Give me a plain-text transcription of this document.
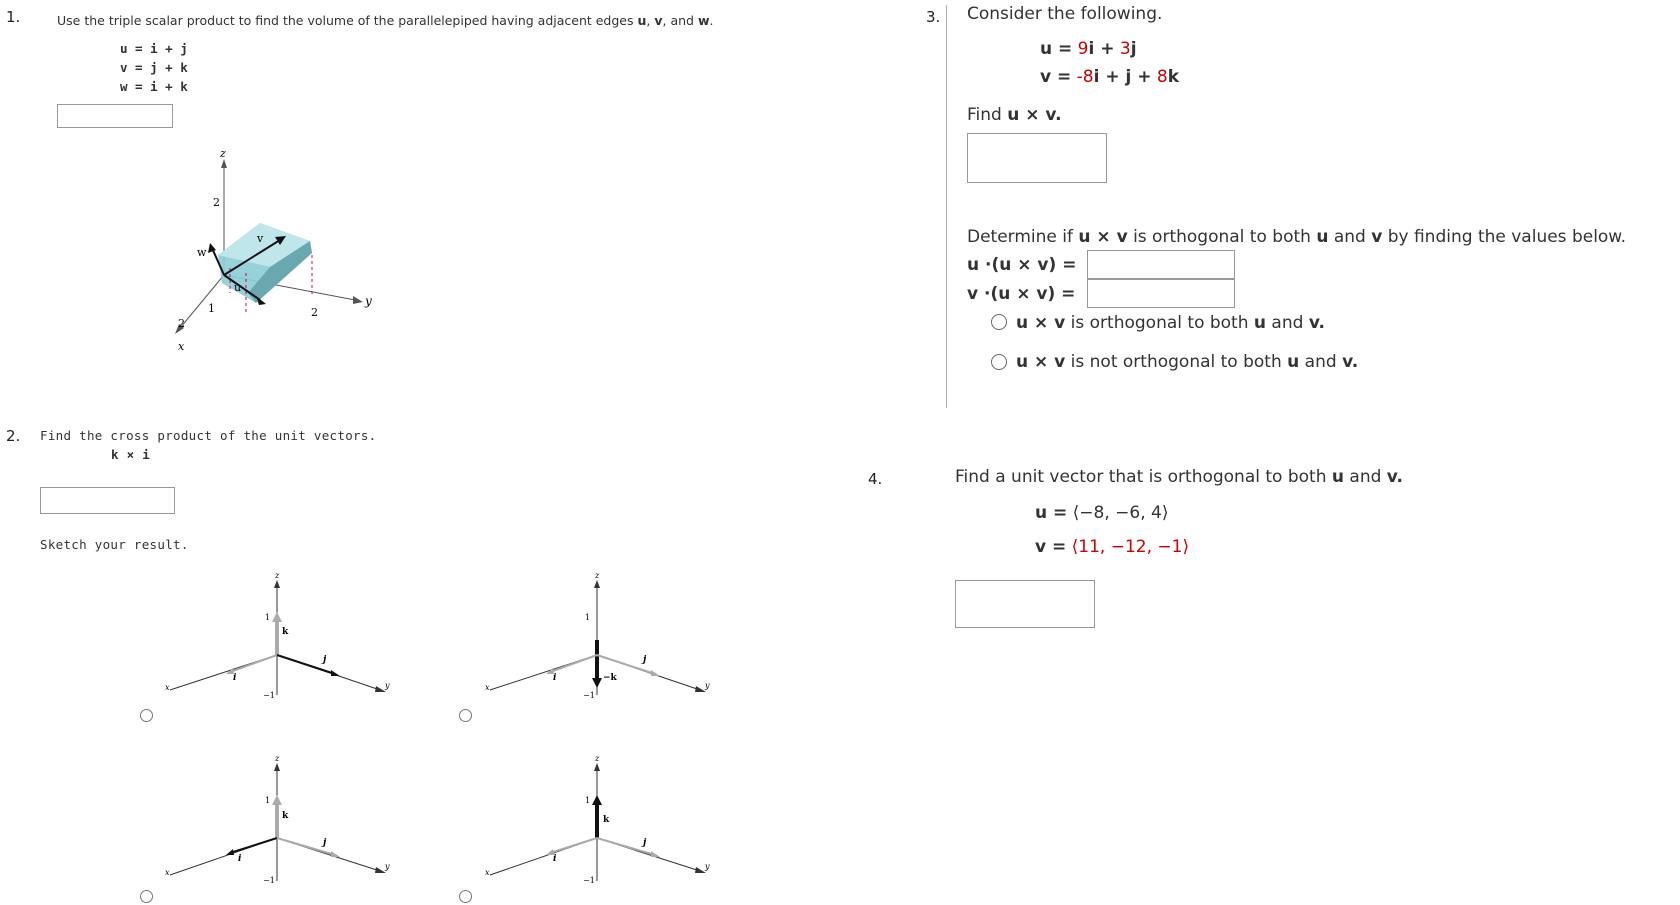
1.	Use the triple scalar product to find the volume of the parallelepiped having adjacent edges u, v, and w.
u = i + j
v = j + k
w = i + k
z
y
x
2
1
2
2
w
v
u
2. Find the cross product of the unit vectors.
k × i
Sketch your result.
z
y
x
1
−1
k
i
j
z
y
x
1
−1
−k
i
j
z
y
x
1
−1
k
i
j
z
y
x
1
−1
k
i
j
3. Consider the following.
u = 9i + 3j
v = -8i + j + 8k
Find u × v.
Determine if u × v is orthogonal to both u and v by finding the values below.
u ·(u × v) =
v ·(u × v) =
u × v is orthogonal to both u and v.
u × v is not orthogonal to both u and v.
4.	Find a unit vector that is orthogonal to both u and v.
u = ⟨−8, −6, 4⟩
v = ⟨11, −12, −1⟩
